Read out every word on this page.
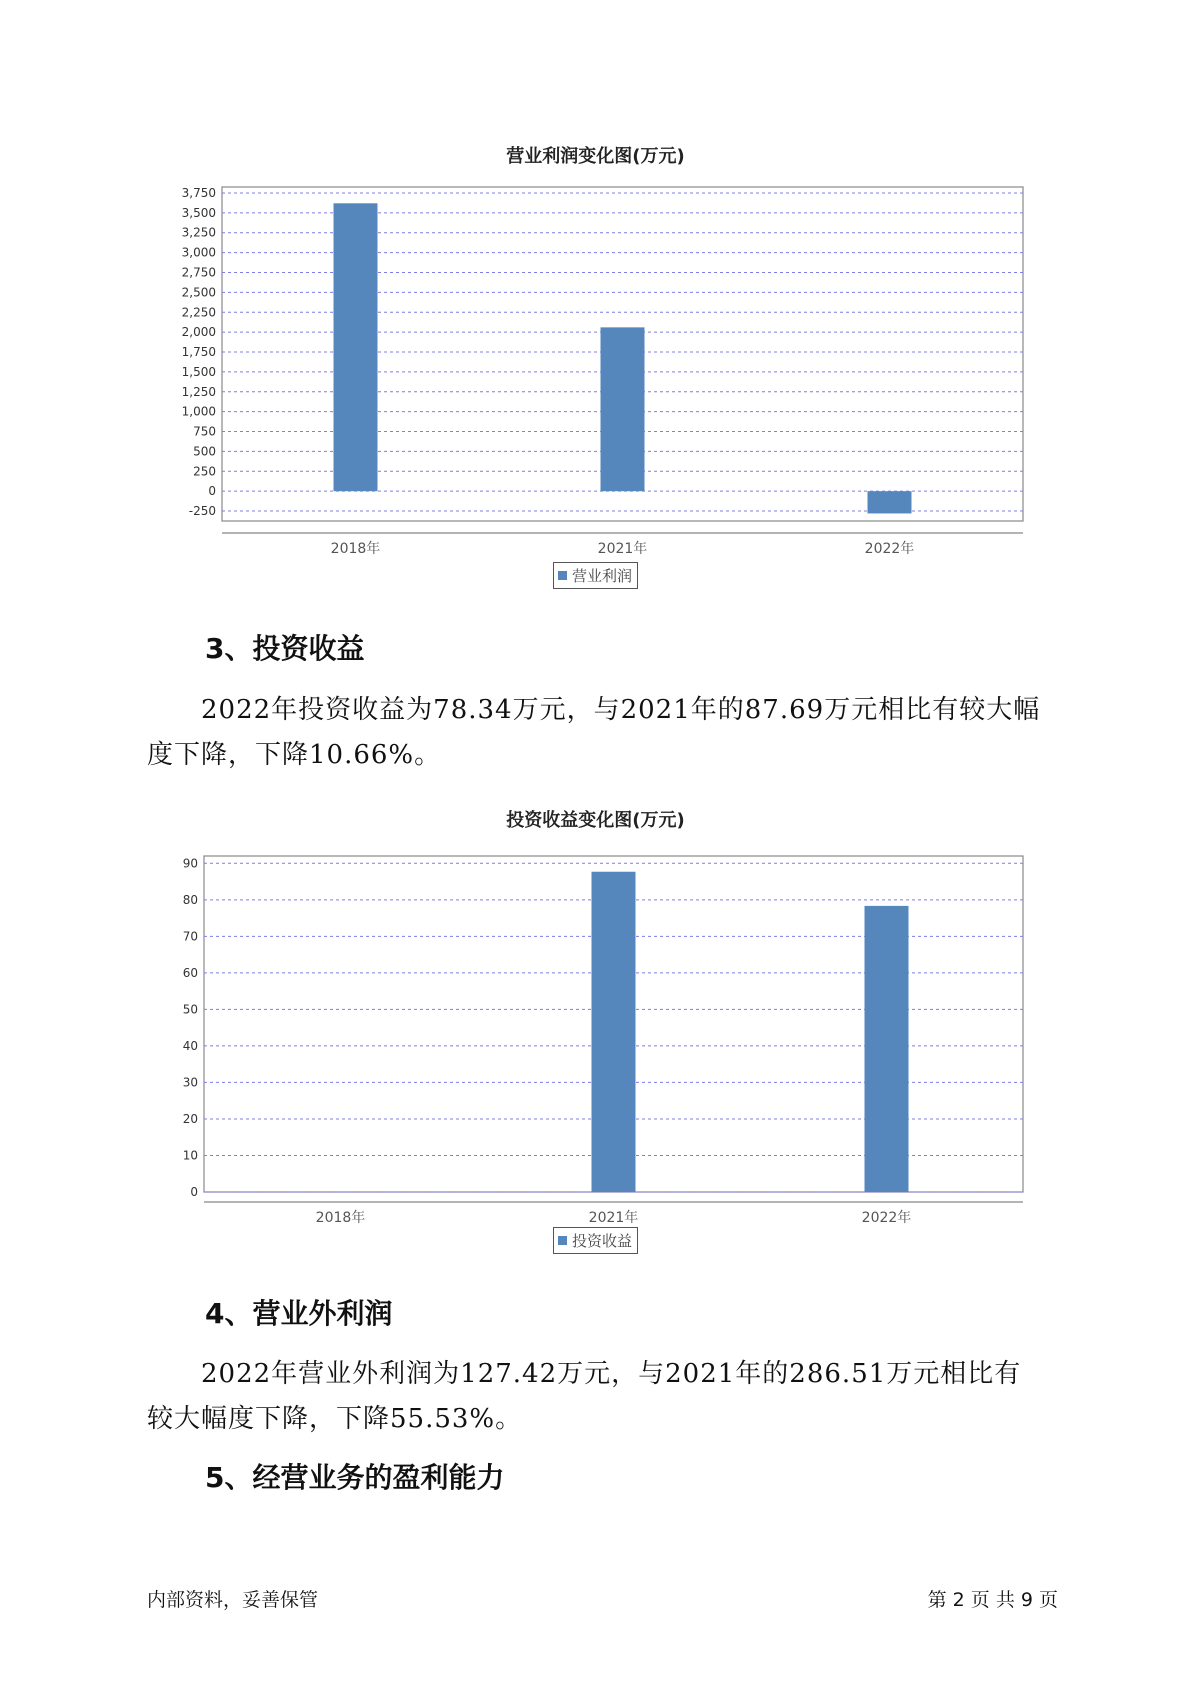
营业利润变化图(万元)
3,750
3,500
3,250
3,000
2,750
2,500
2,250
2,000
1,750
1,500
1,250
1,000
750
500
250
0
-250
2018年	2021年	2022年
营业利润
3、投资收益
2022年投资收益为78.34万元，与2021年的87.69万元相比有较大幅度下降，下降10.66%。
投资收益变化图(万元)
90
80
70
60
50
40
30
20
10
0
2018年	2021年	2022年
投资收益
4、营业外利润
2022年营业外利润为127.42万元，与2021年的286.51万元相比有较大幅度下降，下降55.53%。
5、经营业务的盈利能力
内部资料，妥善保管	第 2 页 共 9 页
